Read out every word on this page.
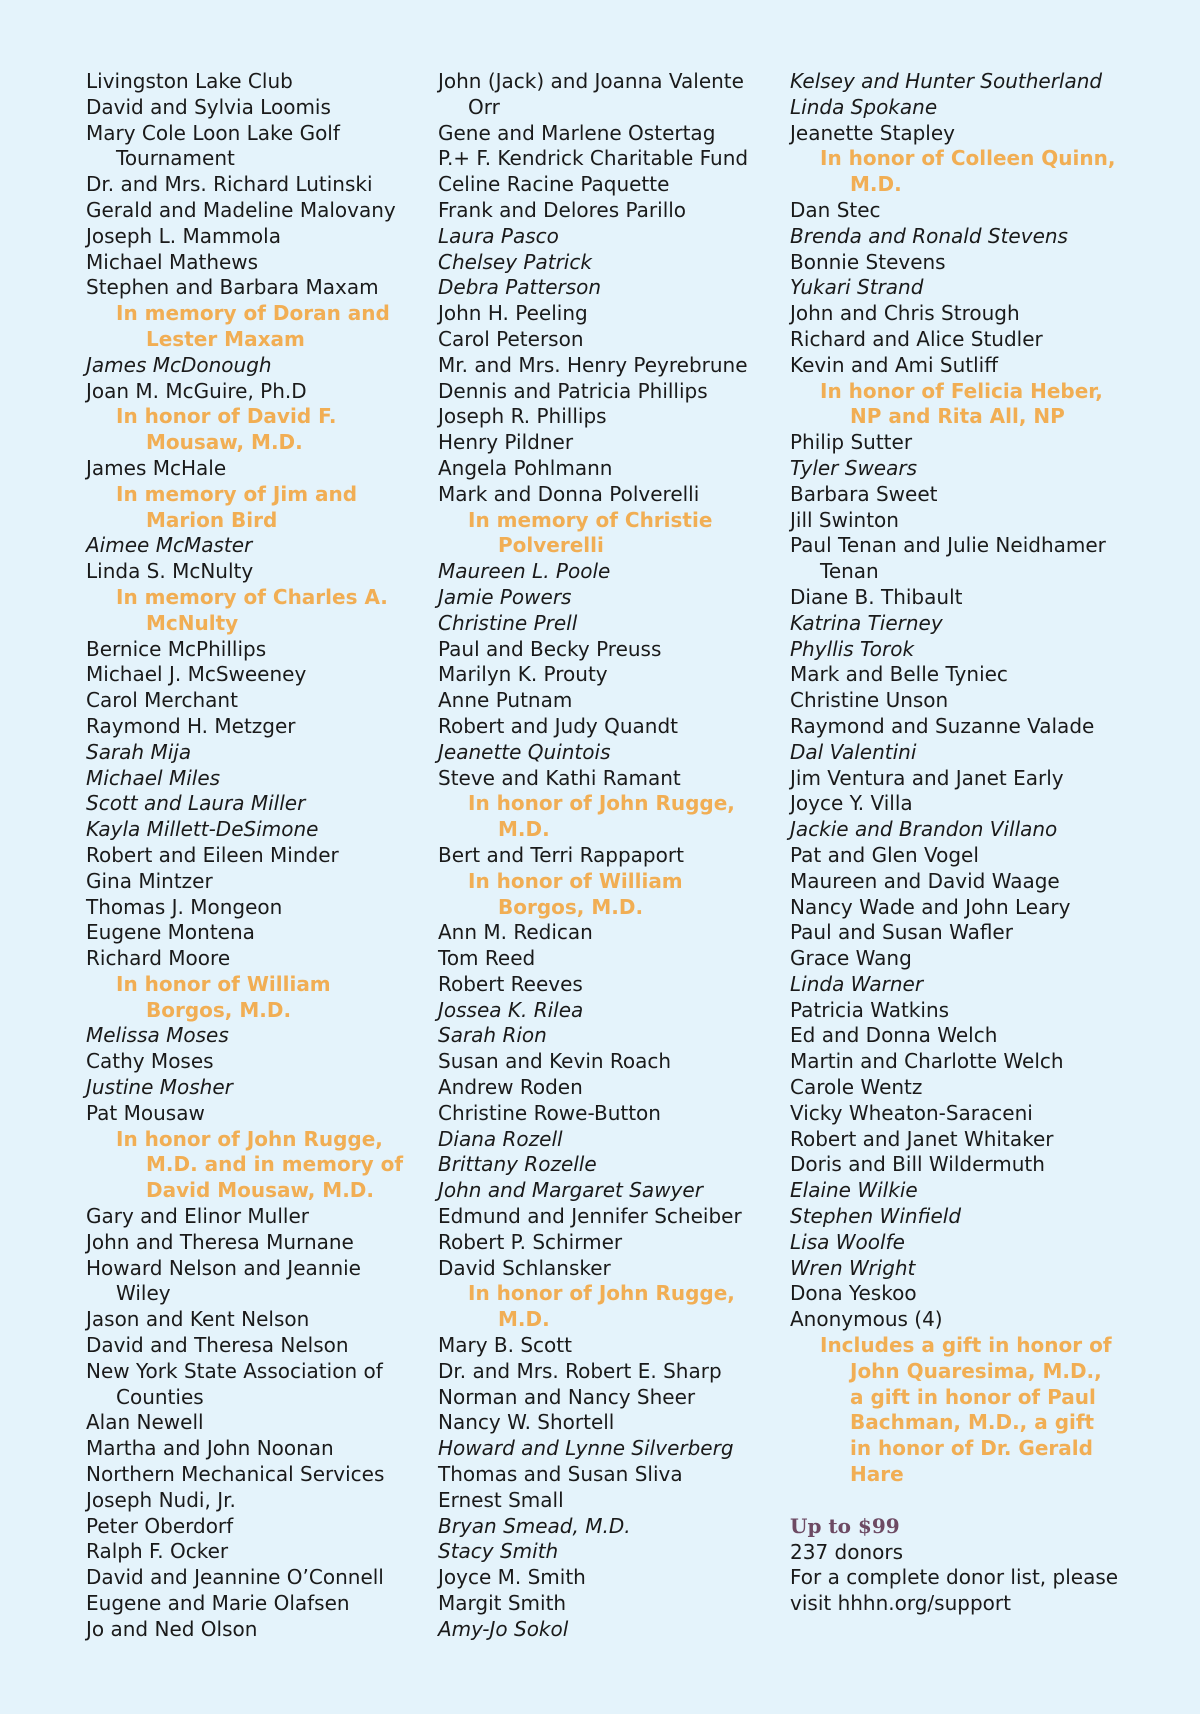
Livingston Lake Club
David and Sylvia Loomis
Mary Cole Loon Lake Golf Tournament
Dr. and Mrs. Richard Lutinski
Gerald and Madeline Malovany
Joseph L. Mammola
Michael Mathews
Stephen and Barbara Maxam
In memory of Doran and Lester Maxam
James McDonough
Joan M. McGuire, Ph.D
In honor of David F. Mousaw, M.D.
James McHale
In memory of Jim and Marion Bird
Aimee McMaster
Linda S. McNulty
In memory of Charles A. McNulty
Bernice McPhillips
Michael J. McSweeney
Carol Merchant
Raymond H. Metzger
Sarah Mija
Michael Miles
Scott and Laura Miller
Kayla Millett-DeSimone
Robert and Eileen Minder
Gina Mintzer
Thomas J. Mongeon
Eugene Montena
Richard Moore
In honor of William Borgos, M.D.
Melissa Moses
Cathy Moses
Justine Mosher
Pat Mousaw
In honor of John Rugge, M.D. and in memory of David Mousaw, M.D.
Gary and Elinor Muller
John and Theresa Murnane
Howard Nelson and Jeannie Wiley
Jason and Kent Nelson
David and Theresa Nelson
New York State Association of Counties
Alan Newell
Martha and John Noonan
Northern Mechanical Services
Joseph Nudi, Jr.
Peter Oberdorf
Ralph F. Ocker
David and Jeannine O’Connell
Eugene and Marie Olafsen
Jo and Ned Olson
John (Jack) and Joanna Valente Orr
Gene and Marlene Ostertag
P.+ F. Kendrick Charitable Fund
Celine Racine Paquette
Frank and Delores Parillo
Laura Pasco
Chelsey Patrick
Debra Patterson
John H. Peeling
Carol Peterson
Mr. and Mrs. Henry Peyrebrune
Dennis and Patricia Phillips
Joseph R. Phillips
Henry Pildner
Angela Pohlmann
Mark and Donna Polverelli
In memory of Christie Polverelli
Maureen L. Poole
Jamie Powers
Christine Prell
Paul and Becky Preuss
Marilyn K. Prouty
Anne Putnam
Robert and Judy Quandt
Jeanette Quintois
Steve and Kathi Ramant
In honor of John Rugge, M.D.
Bert and Terri Rappaport
In honor of William Borgos, M.D.
Ann M. Redican
Tom Reed
Robert Reeves
Jossea K. Rilea
Sarah Rion
Susan and Kevin Roach
Andrew Roden
Christine Rowe-Button
Diana Rozell
Brittany Rozelle
John and Margaret Sawyer
Edmund and Jennifer Scheiber
Robert P. Schirmer
David Schlansker
In honor of John Rugge, M.D.
Mary B. Scott
Dr. and Mrs. Robert E. Sharp
Norman and Nancy Sheer
Nancy W. Shortell
Howard and Lynne Silverberg
Thomas and Susan Sliva
Ernest Small
Bryan Smead, M.D.
Stacy Smith
Joyce M. Smith
Margit Smith
Amy-Jo Sokol
Kelsey and Hunter Southerland
Linda Spokane
Jeanette Stapley
In honor of Colleen Quinn, M.D.
Dan Stec
Brenda and Ronald Stevens
Bonnie Stevens
Yukari Strand
John and Chris Strough
Richard and Alice Studler
Kevin and Ami Sutliff
In honor of Felicia Heber, NP and Rita All, NP
Philip Sutter
Tyler Swears
Barbara Sweet
Jill Swinton
Paul Tenan and Julie Neidhamer Tenan
Diane B. Thibault
Katrina Tierney
Phyllis Torok
Mark and Belle Tyniec
Christine Unson
Raymond and Suzanne Valade
Dal Valentini
Jim Ventura and Janet Early
Joyce Y. Villa
Jackie and Brandon Villano
Pat and Glen Vogel
Maureen and David Waage
Nancy Wade and John Leary
Paul and Susan Wafler
Grace Wang
Linda Warner
Patricia Watkins
Ed and Donna Welch
Martin and Charlotte Welch
Carole Wentz
Vicky Wheaton-Saraceni
Robert and Janet Whitaker
Doris and Bill Wildermuth
Elaine Wilkie
Stephen Winfield
Lisa Woolfe
Wren Wright
Dona Yeskoo
Anonymous (4)
Includes a gift in honor of John Quaresima, M.D., a gift in honor of Paul Bachman, M.D., a gift in honor of Dr. Gerald Hare
Up to $99
237 donors
For a complete donor list, please visit hhhn.org/support
